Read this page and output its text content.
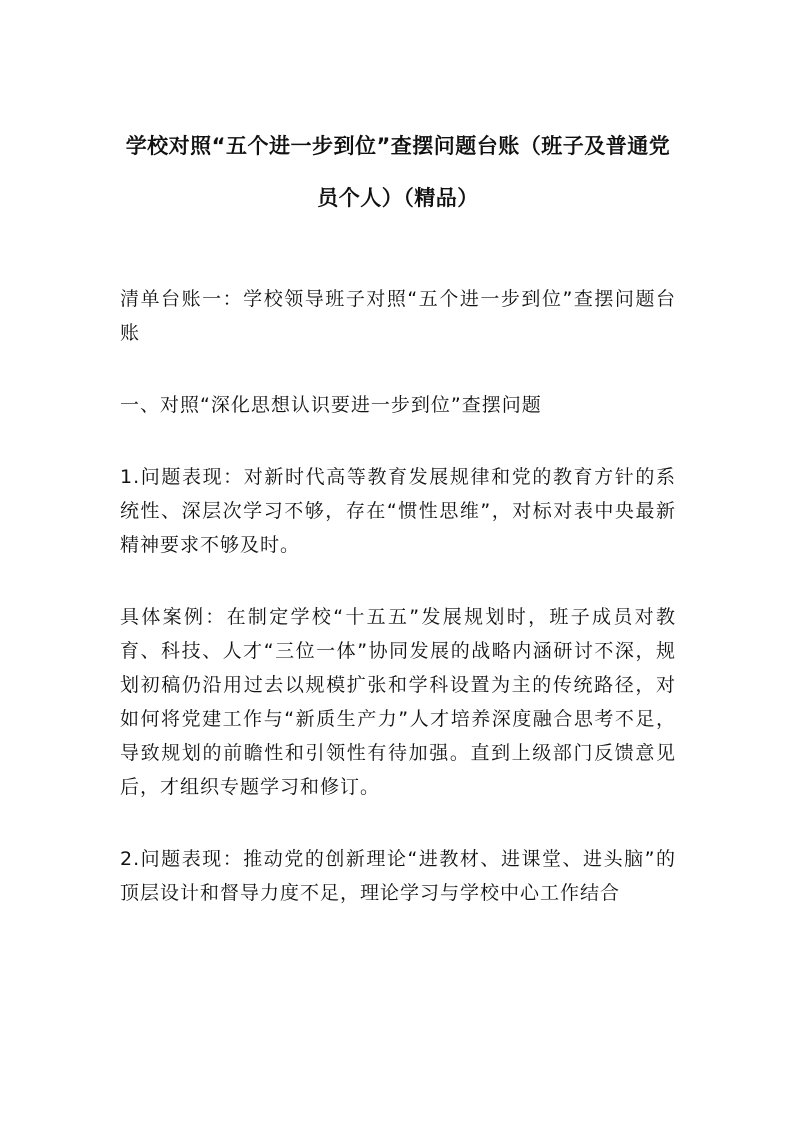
学校对照“五个进一步到位”查摆问题台账（班子及普通党员个人）（精品）

清单台账一：学校领导班子对照“五个进一步到位”查摆问题台账

一、对照“深化思想认识要进一步到位”查摆问题

1.问题表现：对新时代高等教育发展规律和党的教育方针的系统性、深层次学习不够，存在“惯性思维”，对标对表中央最新精神要求不够及时。

具体案例：在制定学校“十五五”发展规划时，班子成员对教育、科技、人才“三位一体”协同发展的战略内涵研讨不深，规划初稿仍沿用过去以规模扩张和学科设置为主的传统路径，对如何将党建工作与“新质生产力”人才培养深度融合思考不足，导致规划的前瞻性和引领性有待加强。直到上级部门反馈意见后，才组织专题学习和修订。

2.问题表现：推动党的创新理论“进教材、进课堂、进头脑”的顶层设计和督导力度不足，理论学习与学校中心工作结合
